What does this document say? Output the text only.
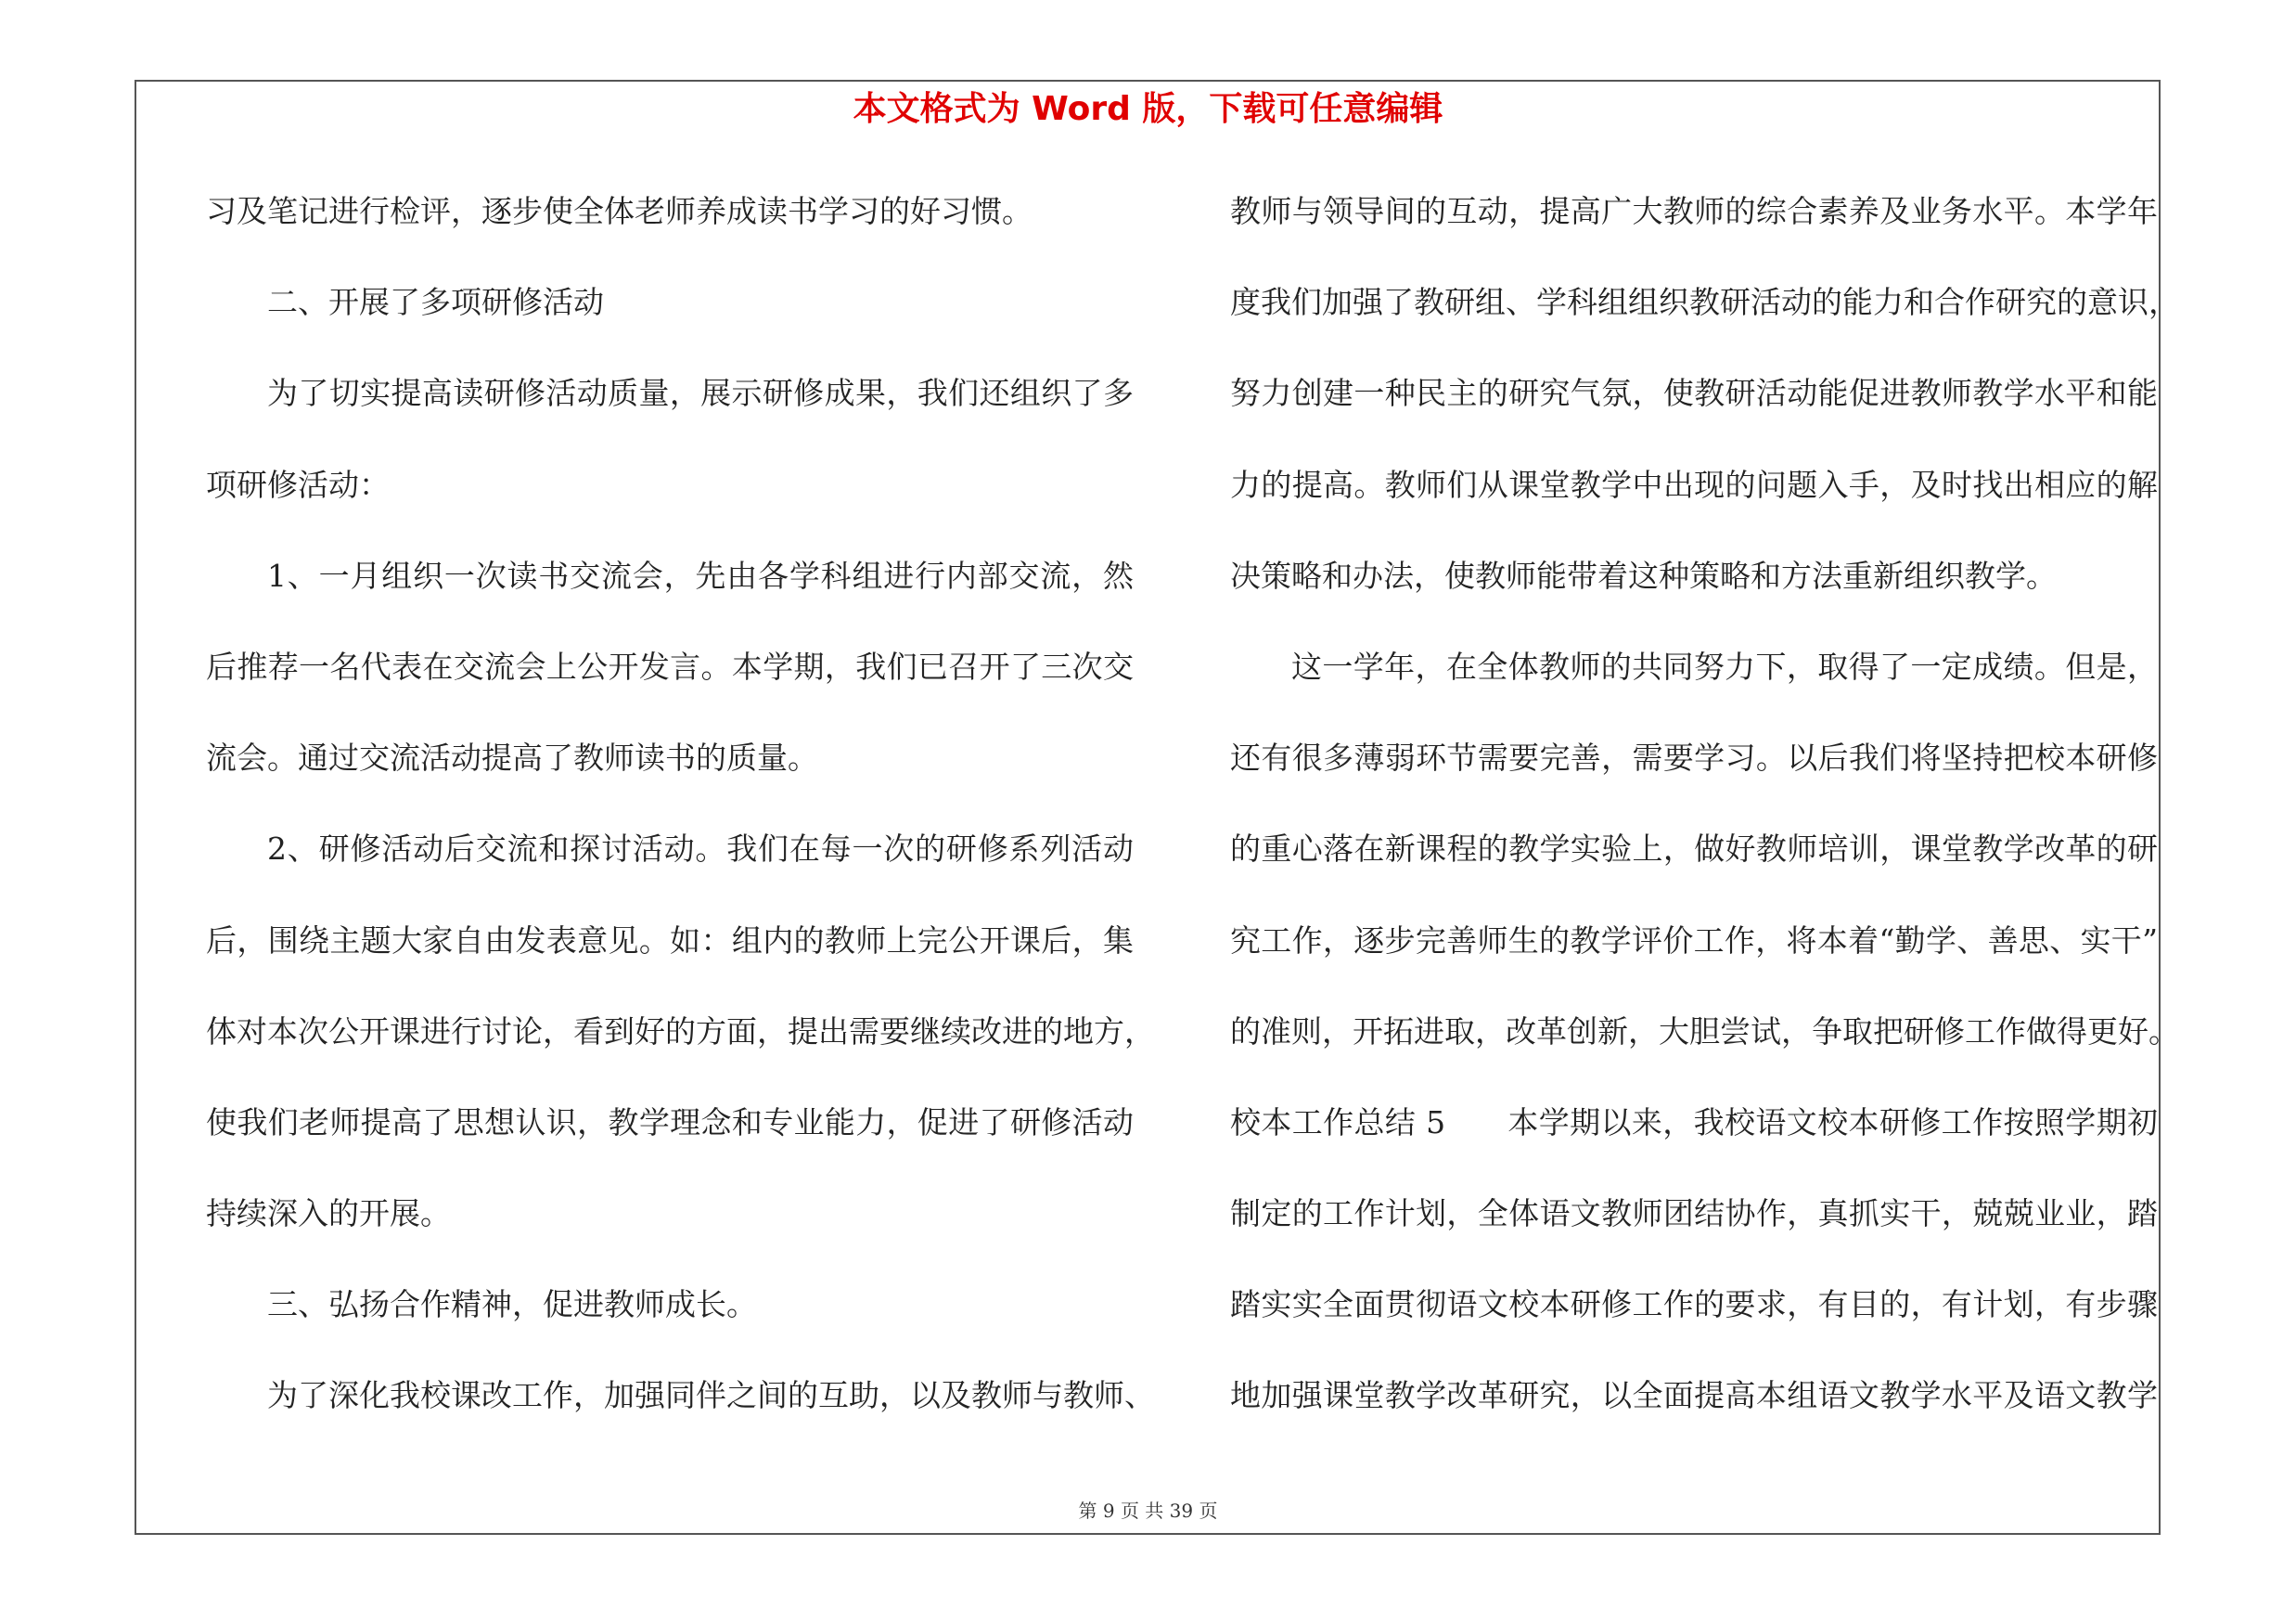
本文格式为 Word 版，下载可任意编辑
习及笔记进行检评，逐步使全体老师养成读书学习的好习惯。
二、开展了多项研修活动
为了切实提高读研修活动质量，展示研修成果，我们还组织了多
项研修活动：
1、一月组织一次读书交流会，先由各学科组进行内部交流，然
后推荐一名代表在交流会上公开发言。本学期，我们已召开了三次交
流会。通过交流活动提高了教师读书的质量。
2、研修活动后交流和探讨活动。我们在每一次的研修系列活动
后，围绕主题大家自由发表意见。如：组内的教师上完公开课后，集
体对本次公开课进行讨论，看到好的方面，提出需要继续改进的地方，
使我们老师提高了思想认识，教学理念和专业能力，促进了研修活动
持续深入的开展。
三、弘扬合作精神，促进教师成长。
为了深化我校课改工作，加强同伴之间的互助，以及教师与教师、
教师与领导间的互动，提高广大教师的综合素养及业务水平。本学年
度我们加强了教研组、学科组组织教研活动的能力和合作研究的意识，
努力创建一种民主的研究气氛，使教研活动能促进教师教学水平和能
力的提高。教师们从课堂教学中出现的问题入手，及时找出相应的解
决策略和办法，使教师能带着这种策略和方法重新组织教学。
这一学年，在全体教师的共同努力下，取得了一定成绩。但是，
还有很多薄弱环节需要完善，需要学习。以后我们将坚持把校本研修
的重心落在新课程的教学实验上，做好教师培训，课堂教学改革的研
究工作，逐步完善师生的教学评价工作，将本着“勤学、善思、实干”
的准则，开拓进取，改革创新，大胆尝试，争取把研修工作做得更好。
校本工作总结 5　　本学期以来，我校语文校本研修工作按照学期初
制定的工作计划，全体语文教师团结协作，真抓实干，兢兢业业，踏
踏实实全面贯彻语文校本研修工作的要求，有目的，有计划，有步骤
地加强课堂教学改革研究，以全面提高本组语文教学水平及语文教学
第 9 页 共 39 页
